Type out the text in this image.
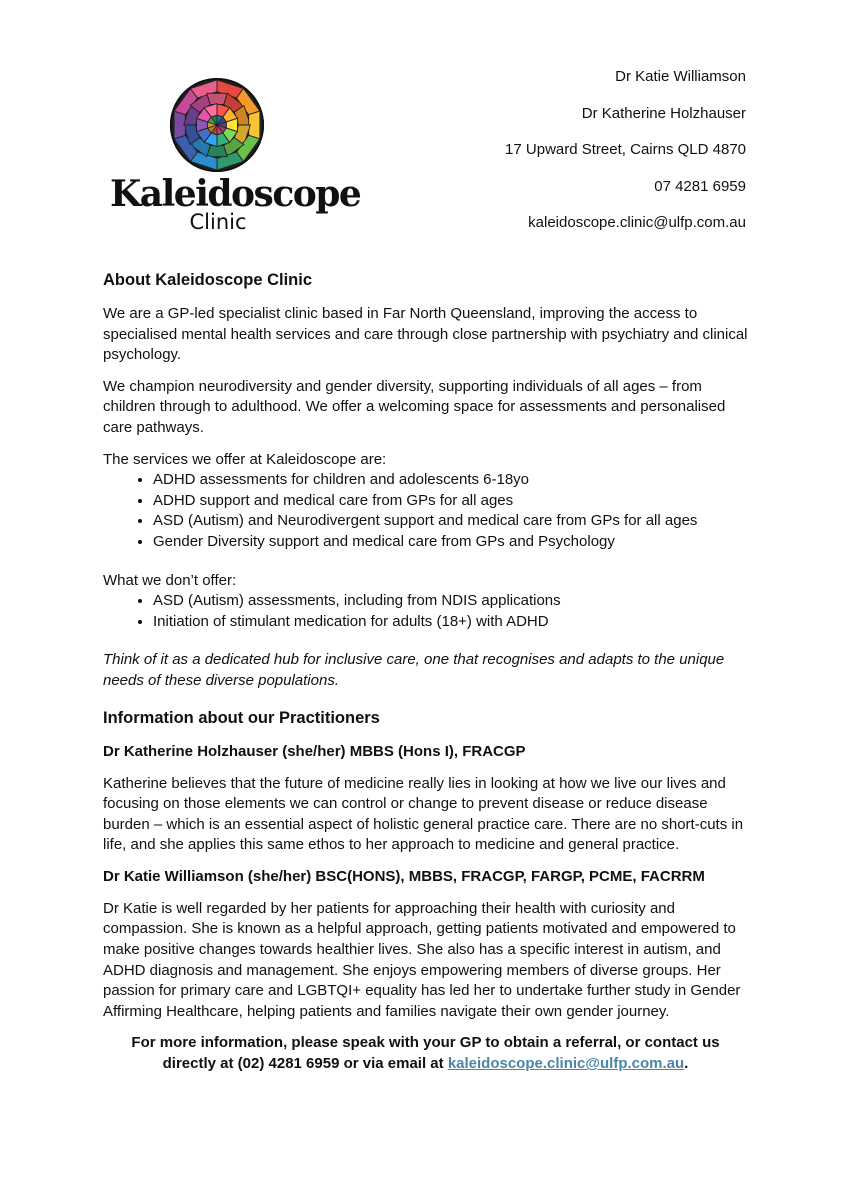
Kaleidoscope
Clinic
Dr Katie Williamson
Dr Katherine Holzhauser
17 Upward Street, Cairns QLD 4870
07 4281 6959
kaleidoscope.clinic@ulfp.com.au
About Kaleidoscope Clinic

We are a GP-led specialist clinic based in Far North Queensland, improving the access to specialised mental health services and care through close partnership with psychiatry and clinical psychology.

We champion neurodiversity and gender diversity, supporting individuals of all ages – from children through to adulthood. We offer a welcoming space for assessments and personalised care pathways.

The services we offer at Kaleidoscope are:

• ADHD assessments for children and adolescents 6-18yo
• ADHD support and medical care from GPs for all ages
• ASD (Autism) and Neurodivergent support and medical care from GPs for all ages
• Gender Diversity support and medical care from GPs and Psychology

What we don’t offer:

• ASD (Autism) assessments, including from NDIS applications
• Initiation of stimulant medication for adults (18+) with ADHD

Think of it as a dedicated hub for inclusive care, one that recognises and adapts to the unique needs of these diverse populations.

Information about our Practitioners
Dr Katherine Holzhauser (she/her) MBBS (Hons I), FRACGP

Katherine believes that the future of medicine really lies in looking at how we live our lives and focusing on those elements we can control or change to prevent disease or reduce disease burden – which is an essential aspect of holistic general practice care. There are no short-cuts in life, and she applies this same ethos to her approach to medicine and general practice.

Dr Katie Williamson (she/her) BSC(HONS), MBBS, FRACGP, FARGP, PCME, FACRRM

Dr Katie is well regarded by her patients for approaching their health with curiosity and compassion. She is known as a helpful approach, getting patients motivated and empowered to make positive changes towards healthier lives. She also has a specific interest in autism, and ADHD diagnosis and management. She enjoys empowering members of diverse groups. Her passion for primary care and LGBTQI+ equality has led her to undertake further study in Gender Affirming Healthcare, helping patients and families navigate their own gender journey.

For more information, please speak with your GP to obtain a referral, or contact us directly at (02) 4281 6959 or via email at kaleidoscope.clinic@ulfp.com.au.
